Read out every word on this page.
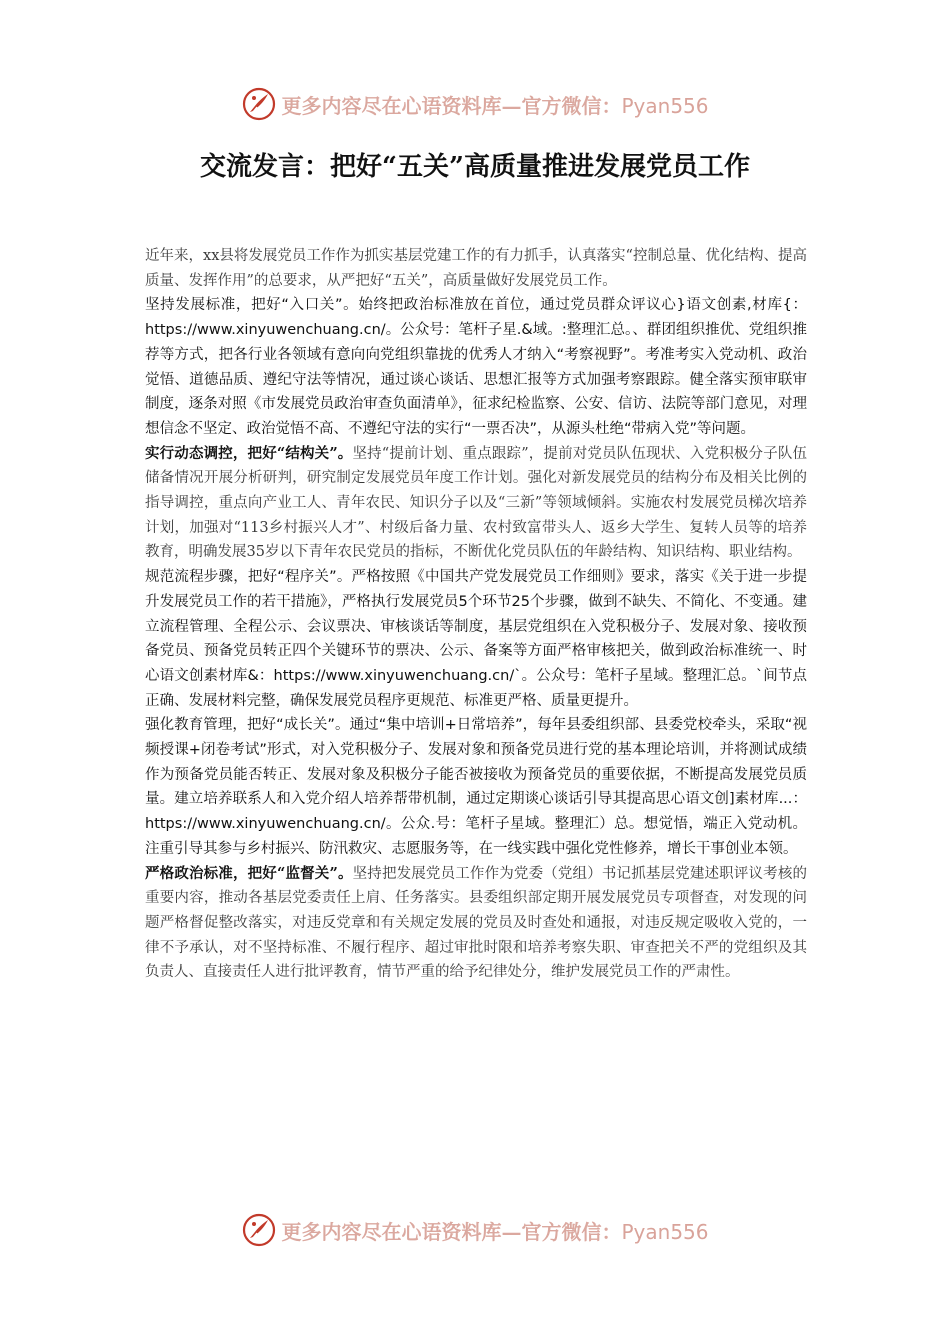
更多内容尽在心语资料库—官方微信：Pyan556
交流发言：把好“五关”高质量推进发展党员工作

近年来，xx县将发展党员工作作为抓实基层党建工作的有力抓手，认真落实“控制总量、优化结构、提高质量、发挥作用”的总要求，从严把好“五关”，高质量做好发展党员工作。

坚持发展标准，把好“入口关”。始终把政治标准放在首位，通过党员群众评议心}语文创素,材库{：https://www.xinyuwenchuang.cn/。公众号：笔杆子星.&域。:整理汇总。、群团组织推优、党组织推荐等方式，把各行业各领域有意向向党组织靠拢的优秀人才纳入“考察视野”。考准考实入党动机、政治觉悟、道德品质、遵纪守法等情况，通过谈心谈话、思想汇报等方式加强考察跟踪。健全落实预审联审制度，逐条对照《市发展党员政治审查负面清单》，征求纪检监察、公安、信访、法院等部门意见，对理想信念不坚定、政治觉悟不高、不遵纪守法的实行“一票否决”，从源头杜绝“带病入党”等问题。

实行动态调控，把好“结构关”。坚持“提前计划、重点跟踪”，提前对党员队伍现状、入党积极分子队伍储备情况开展分析研判，研究制定发展党员年度工作计划。强化对新发展党员的结构分布及相关比例的指导调控，重点向产业工人、青年农民、知识分子以及“三新”等领域倾斜。实施农村发展党员梯次培养计划，加强对“113乡村振兴人才”、村级后备力量、农村致富带头人、返乡大学生、复转人员等的培养教育，明确发展35岁以下青年农民党员的指标，不断优化党员队伍的年龄结构、知识结构、职业结构。

规范流程步骤，把好“程序关”。严格按照《中国共产党发展党员工作细则》要求，落实《关于进一步提升发展党员工作的若干措施》，严格执行发展党员5个环节25个步骤，做到不缺失、不简化、不变通。建立流程管理、全程公示、会议票决、审核谈话等制度，基层党组织在入党积极分子、发展对象、接收预备党员、预备党员转正四个关键环节的票决、公示、备案等方面严格审核把关，做到政治标准统一、时心语文创素材库&：https://www.xinyuwenchuang.cn/`。公众号：笔杆子星域。整理汇总。`间节点正确、发展材料完整，确保发展党员程序更规范、标准更严格、质量更提升。

强化教育管理，把好“成长关”。通过“集中培训+日常培养”，每年县委组织部、县委党校牵头，采取“视频授课+闭卷考试”形式，对入党积极分子、发展对象和预备党员进行党的基本理论培训，并将测试成绩作为预备党员能否转正、发展对象及积极分子能否被接收为预备党员的重要依据，不断提高发展党员质量。建立培养联系人和入党介绍人培养帮带机制，通过定期谈心谈话引导其提高思心语文创]素材库...：https://www.xinyuwenchuang.cn/。公众.号：笔杆子星域。整理汇）总。想觉悟，端正入党动机。注重引导其参与乡村振兴、防汛救灾、志愿服务等，在一线实践中强化党性修养，增长干事创业本领。

严格政治标准，把好“监督关”。坚持把发展党员工作作为党委（党组）书记抓基层党建述职评议考核的重要内容，推动各基层党委责任上肩、任务落实。县委组织部定期开展发展党员专项督查，对发现的问题严格督促整改落实，对违反党章和有关规定发展的党员及时查处和通报，对违反规定吸收入党的，一律不予承认，对不坚持标准、不履行程序、超过审批时限和培养考察失职、审查把关不严的党组织及其负责人、直接责任人进行批评教育，情节严重的给予纪律处分，维护发展党员工作的严肃性。

更多内容尽在心语资料库—官方微信：Pyan556
